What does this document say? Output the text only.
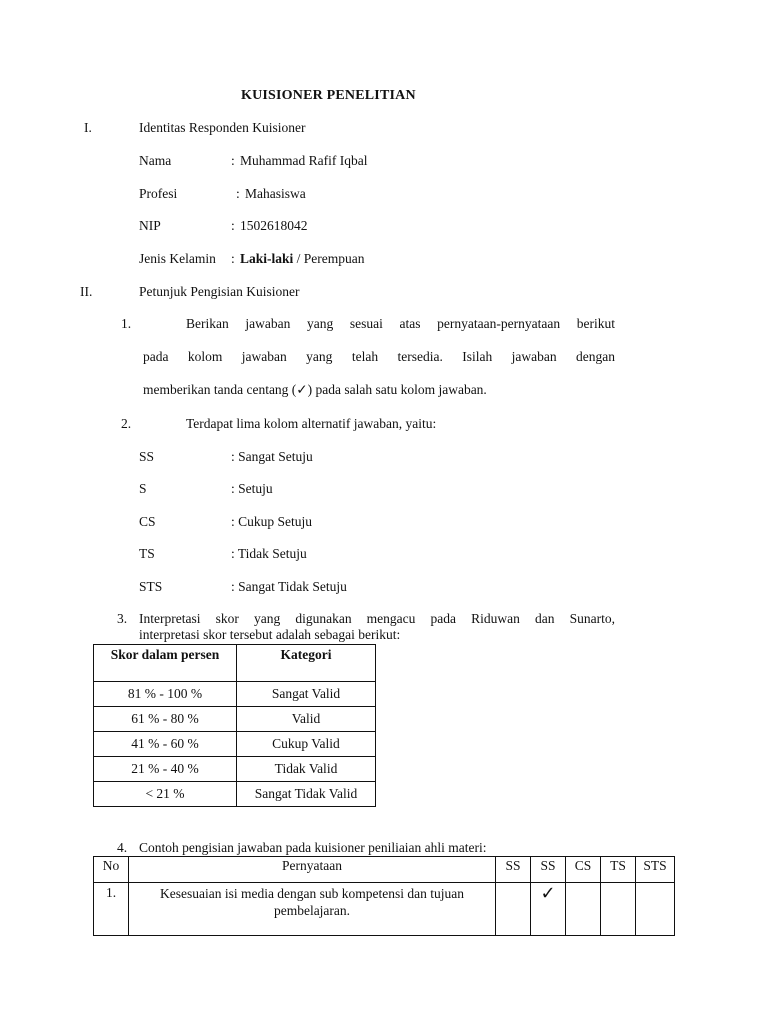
KUISIONER PENELITIAN
I.	Identitas Responden Kuisioner
Nama	: Muhammad Rafif Iqbal
Profesi	: Mahasiswa
NIP	: 1502618042
Jenis Kelamin : Laki-laki / Perempuan
II.	Petunjuk Pengisian Kuisioner
1.	Berikan jawaban yang sesuai atas pernyataan-pernyataan berikut
pada kolom jawaban yang telah tersedia. Isilah jawaban dengan
memberikan tanda centang (✓) pada salah satu kolom jawaban.
2.	Terdapat lima kolom alternatif jawaban, yaitu:
SS	: Sangat Setuju
S	: Setuju
CS	: Cukup Setuju
TS	: Tidak Setuju
STS	: Sangat Tidak Setuju
3. Interpretasi skor yang digunakan mengacu pada Riduwan dan Sunarto,
interpretasi skor tersebut adalah sebagai berikut:
Skor dalam persen	Kategori
81 % - 100 %	Sangat Valid
61 % - 80 %	Valid
41 % - 60 %	Cukup Valid
21 % - 40 %	Tidak Valid
< 21 %	Sangat Tidak Valid
4. Contoh pengisian jawaban pada kuisioner peniliaian ahli materi:
No	Pernyataan	SS	SS	CS	TS	STS
1.	Kesesuaian isi media dengan sub kompetensi dan tujuan pembelajaran.		✓			
